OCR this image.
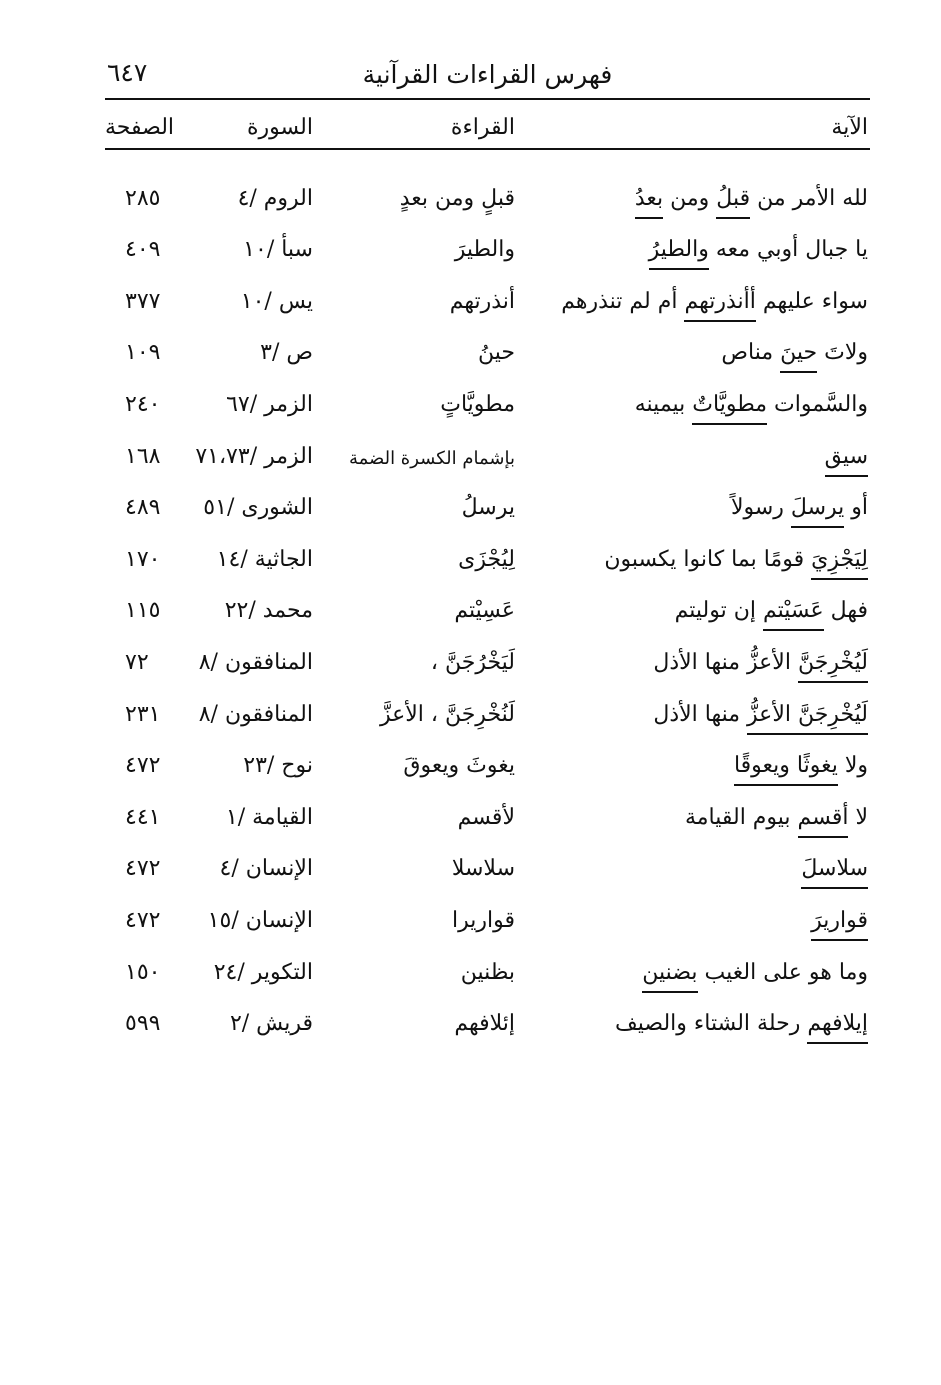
٦٤٧	فهرس القراءات القرآنية
الآية
القراءة
السورة
الصفحة
لله الأمر من قبلُ ومن بعدُ
قبلٍ ومن بعدٍ
الروم /٤
٢٨٥
يا جبال أوبي معه والطيرُ
والطيرَ
سبأ /١٠
٤٠٩
سواء عليهم أأنذرتهم أم لم تنذرهم
أنذرتهم
يس /١٠
٣٧٧
ولاتَ حينَ مناص
حينُ
ص /٣
١٠٩
والسَّموات مطويَّاتٌ بيمينه
مطويَّاتٍ
الزمر /٦٧
٢٤٠
سيق
بإشمام الكسرة الضمة
الزمر /٧١،٧٣
١٦٨
أو يرسلَ رسولاً
يرسلُ
الشورى /٥١
٤٨٩
لِيَجْزِيَ قومًا بما كانوا يكسبون
لِيُجْزَى
الجاثية /١٤
١٧٠
فهل عَسَيْتم إن توليتم
عَسِيْتم
محمد /٢٢
١١٥
لَيُخْرِجَنَّ الأعزُّ منها الأذل
لَيَخْرُجَنَّ ،
المنافقون /٨
٧٢
لَيُخْرِجَنَّ الأعزُّ منها الأذل
لَنُخْرِجَنَّ ، الأعزَّ
المنافقون /٨
٢٣١
ولا يغوثًا ويعوقًا
يغوثَ ويعوقَ
نوح /٢٣
٤٧٢
لا أقسم بيوم القيامة
لأقسم
القيامة /١
٤٤١
سلاسلَ
سلاسلا
الإنسان /٤
٤٧٢
قواريرَ
قواريرا
الإنسان /١٥
٤٧٢
وما هو على الغيب بضنين
بظنين
التكوير /٢٤
١٥٠
إيلافهم رحلة الشتاء والصيف
إئلافهم
قريش /٢
٥٩٩
